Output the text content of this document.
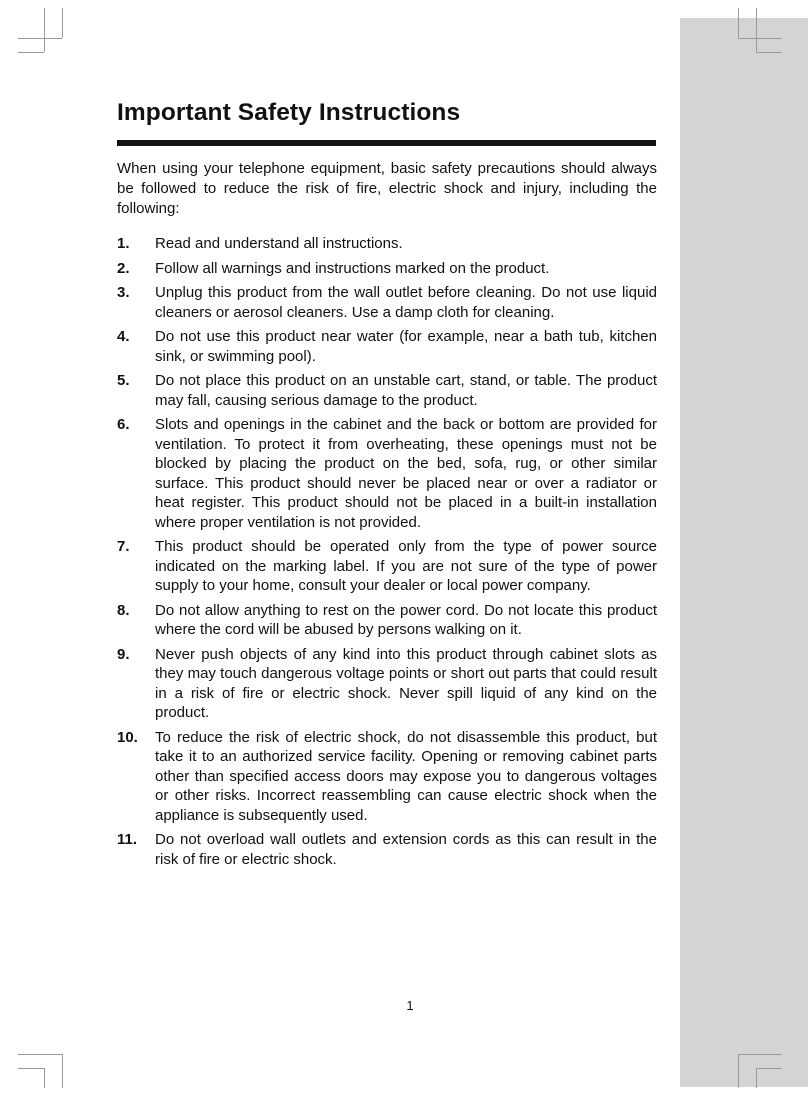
Important Safety Instructions

When using your telephone equipment, basic safety precautions should always be followed to reduce the risk of fire, electric shock and injury, including the following:

1. Read and understand all instructions.
2. Follow all warnings and instructions marked on the product.
3. Unplug this product from the wall outlet before cleaning. Do not use liquid cleaners or aerosol cleaners. Use a damp cloth for cleaning.
4. Do not use this product near water (for example, near a bath tub, kitchen sink, or swimming pool).
5. Do not place this product on an unstable cart, stand, or table. The product may fall, causing serious damage to the product.
6. Slots and openings in the cabinet and the back or bottom are provided for ventilation. To protect it from overheating, these openings must not be blocked by placing the product on the bed, sofa, rug, or other similar surface. This product should never be placed near or over a radiator or heat register. This product should not be placed in a built-in installation where proper ventilation is not provided.
7. This product should be operated only from the type of power source indicated on the marking label. If you are not sure of the type of power supply to your home, consult your dealer or local power company.
8. Do not allow anything to rest on the power cord. Do not locate this product where the cord will be abused by persons walking on it.
9. Never push objects of any kind into this product through cabinet slots as they may touch dangerous voltage points or short out parts that could result in a risk of fire or electric shock. Never spill liquid of any kind on the product.
10. To reduce the risk of electric shock, do not disassemble this product, but take it to an authorized service facility. Opening or removing cabinet parts other than specified access doors may expose you to dangerous voltages or other risks. Incorrect reassembling can cause electric shock when the appliance is subsequently used.
11. Do not overload wall outlets and extension cords as this can result in the risk of fire or electric shock.
1
